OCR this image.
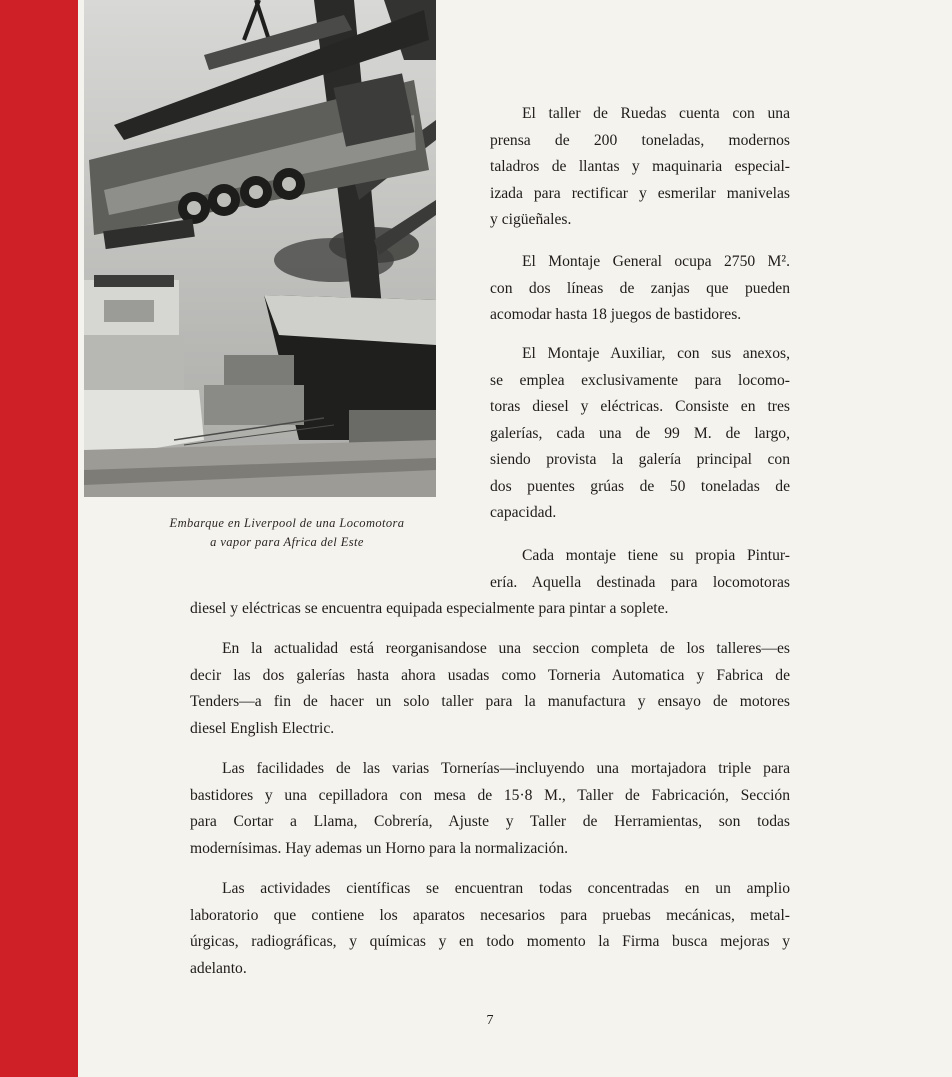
Embarque en Liverpool de una Locomotora
a vapor para Africa del Este
El taller de Ruedas cuenta con una
prensa de 200 toneladas, modernos
taladros de llantas y maquinaria especial-
izada para rectificar y esmerilar manivelas
y cigüeñales.
El Montaje General ocupa 2750 M².
con dos líneas de zanjas que pueden
acomodar hasta 18 juegos de bastidores.
El Montaje Auxiliar, con sus anexos,
se emplea exclusivamente para locomo-
toras diesel y eléctricas. Consiste en tres
galerías, cada una de 99 M. de largo,
siendo provista la galería principal con
dos puentes grúas de 50 toneladas de
capacidad.
Cada montaje tiene su propia Pintur-
ería. Aquella destinada para locomotoras
diesel y eléctricas se encuentra equipada especialmente para pintar a soplete.
En la actualidad está reorganisandose una seccion completa de los talleres—es
decir las dos galerías hasta ahora usadas como Torneria Automatica y Fabrica de
Tenders—a fin de hacer un solo taller para la manufactura y ensayo de motores
diesel English Electric.
Las facilidades de las varias Tornerías—incluyendo una mortajadora triple para
bastidores y una cepilladora con mesa de 15·8 M., Taller de Fabricación, Sección
para Cortar a Llama, Cobrería, Ajuste y Taller de Herramientas, son todas
modernísimas. Hay ademas un Horno para la normalización.
Las actividades científicas se encuentran todas concentradas en un amplio
laboratorio que contiene los aparatos necesarios para pruebas mecánicas, metal-
úrgicas, radiográficas, y químicas y en todo momento la Firma busca mejoras y
adelanto.
7
